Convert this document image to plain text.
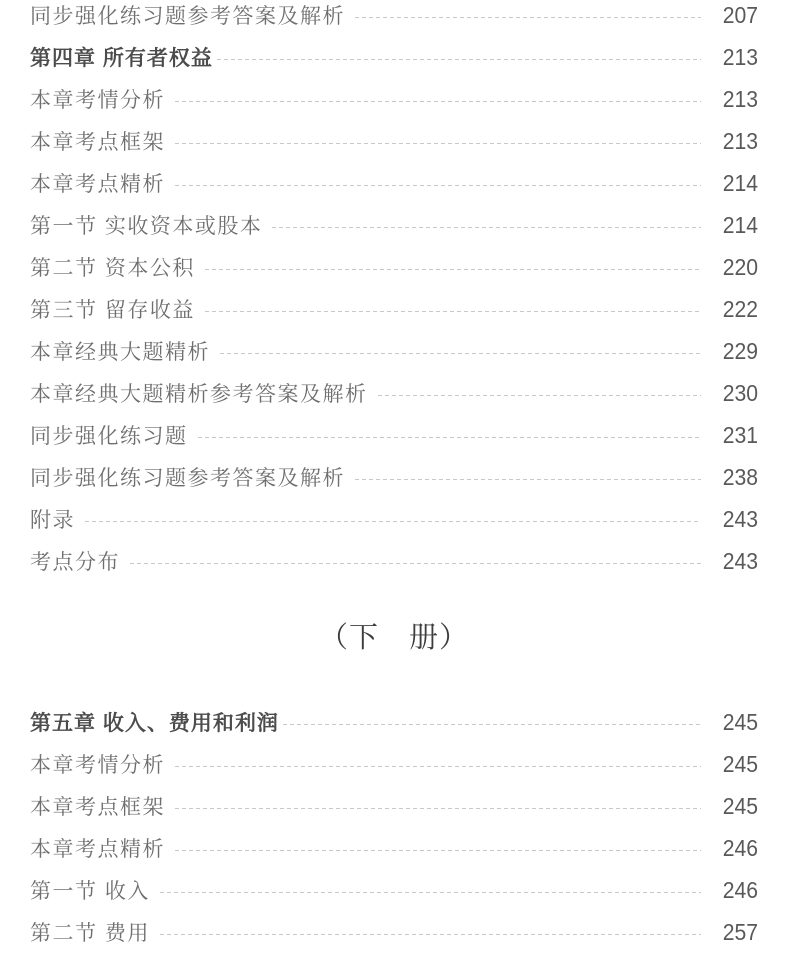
同步强化练习题参考答案及解析	207
第四章 所有者权益	213
本章考情分析	213
本章考点框架	213
本章考点精析	214
第一节 实收资本或股本	214
第二节 资本公积	220
第三节 留存收益	222
本章经典大题精析	229
本章经典大题精析参考答案及解析	230
同步强化练习题	231
同步强化练习题参考答案及解析	238
附录	243
考点分布	243
（下　册）
第五章 收入、费用和利润	245
本章考情分析	245
本章考点框架	245
本章考点精析	246
第一节 收入	246
第二节 费用	257
